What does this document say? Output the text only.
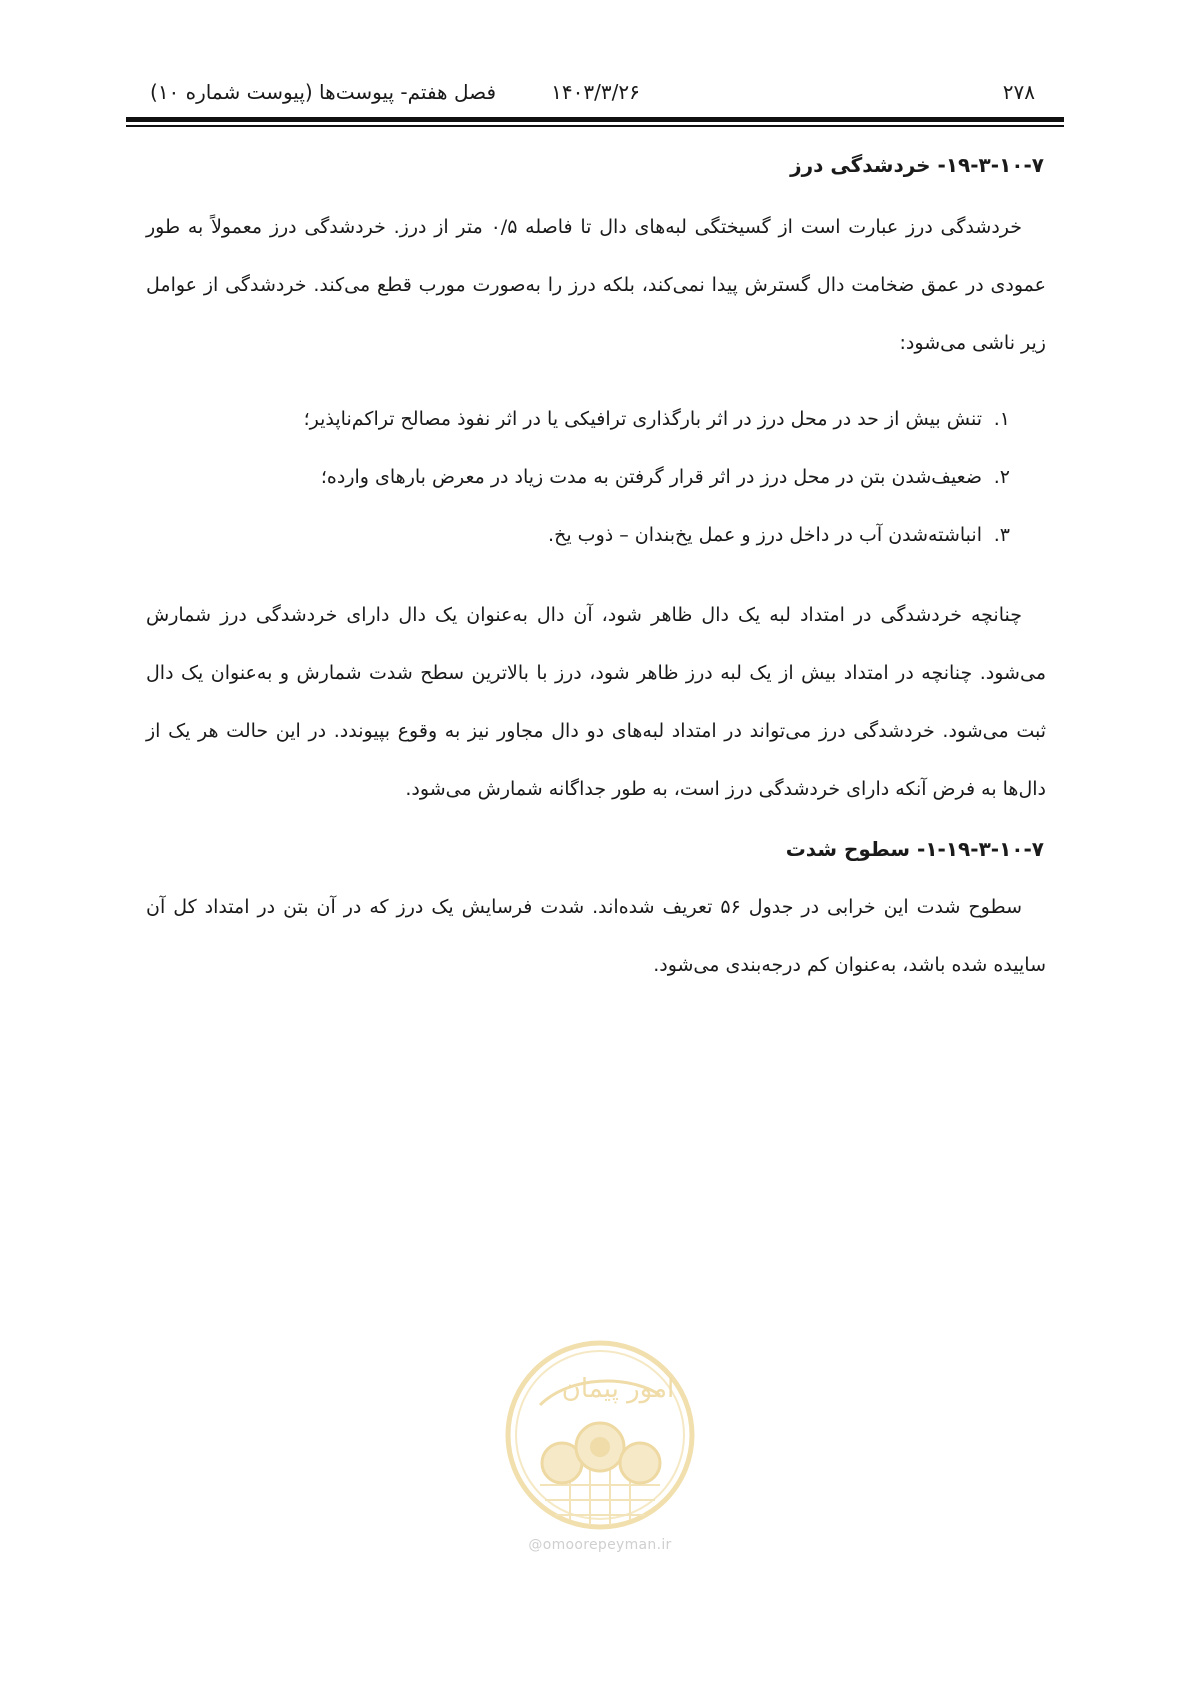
۲۷۸
۱۴۰۳/۳/۲۶
فصل هفتم- پیوست‌ها (پیوست شماره ۱۰)
۱۹-۳-۱۰-۷- خردشدگی درز

خردشدگی درز عبارت است از گسیختگی لبه‌های دال تا فاصله ۰/۵ متر از درز. خردشدگی درز معمولاً به طور عمودی در عمق ضخامت دال گسترش پیدا نمی‌کند، بلکه درز را به‌صورت مورب قطع می‌کند. خردشدگی از عوامل زیر ناشی می‌شود:

۱.تنش بیش از حد در محل درز در اثر بارگذاری ترافیکی یا در اثر نفوذ مصالح تراکم‌ناپذیر؛
۲.ضعیف‌شدن بتن در محل درز در اثر قرار گرفتن به مدت زیاد در معرض بارهای وارده؛
۳.انباشته‌شدن آب در داخل درز و عمل یخ‌بندان – ذوب یخ.

چنانچه خردشدگی در امتداد لبه یک دال ظاهر شود، آن دال به‌عنوان یک دال دارای خردشدگی درز شمارش می‌شود. چنانچه در امتداد بیش از یک لبه درز ظاهر شود، درز با بالاترین سطح شدت شمارش و به‌عنوان یک دال ثبت می‌شود. خردشدگی درز می‌تواند در امتداد لبه‌های دو دال مجاور نیز به وقوع بپیوندد. در این حالت هر یک از دال‌ها به فرض آنکه دارای خردشدگی درز است، به طور جداگانه شمارش می‌شود.

۱-۱۹-۳-۱۰-۷- سطوح شدت

سطوح شدت این خرابی در جدول ۵۶ تعریف شده‌اند. شدت فرسایش یک درز که در آن بتن در امتداد کل آن ساییده شده باشد، به‌عنوان کم درجه‌بندی می‌شود.

امور پیمان
@omoorepeyman.ir
